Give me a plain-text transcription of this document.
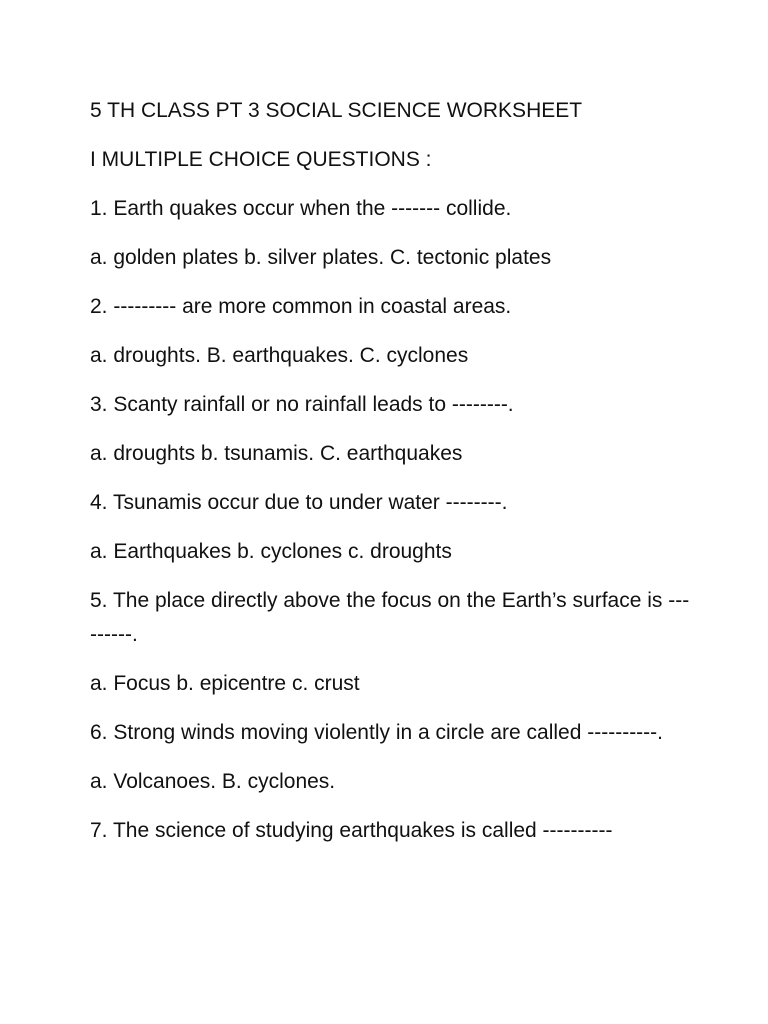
5 TH CLASS PT 3 SOCIAL SCIENCE WORKSHEET
I MULTIPLE CHOICE QUESTIONS :
1. Earth quakes occur when the ------- collide.
a. golden plates b. silver plates. C. tectonic plates
2. --------- are more common in coastal areas.
a. droughts. B. earthquakes. C. cyclones
3. Scanty rainfall or no rainfall leads to --------.
a. droughts b. tsunamis. C. earthquakes
4. Tsunamis occur due to under water --------.
a. Earthquakes b. cyclones c. droughts
5. The place directly above the focus on the Earth’s surface is ---------.
a. Focus b. epicentre c. crust
6. Strong winds moving violently in a circle are called ----------.
a. Volcanoes. B. cyclones.
7. The science of studying earthquakes is called ----------
